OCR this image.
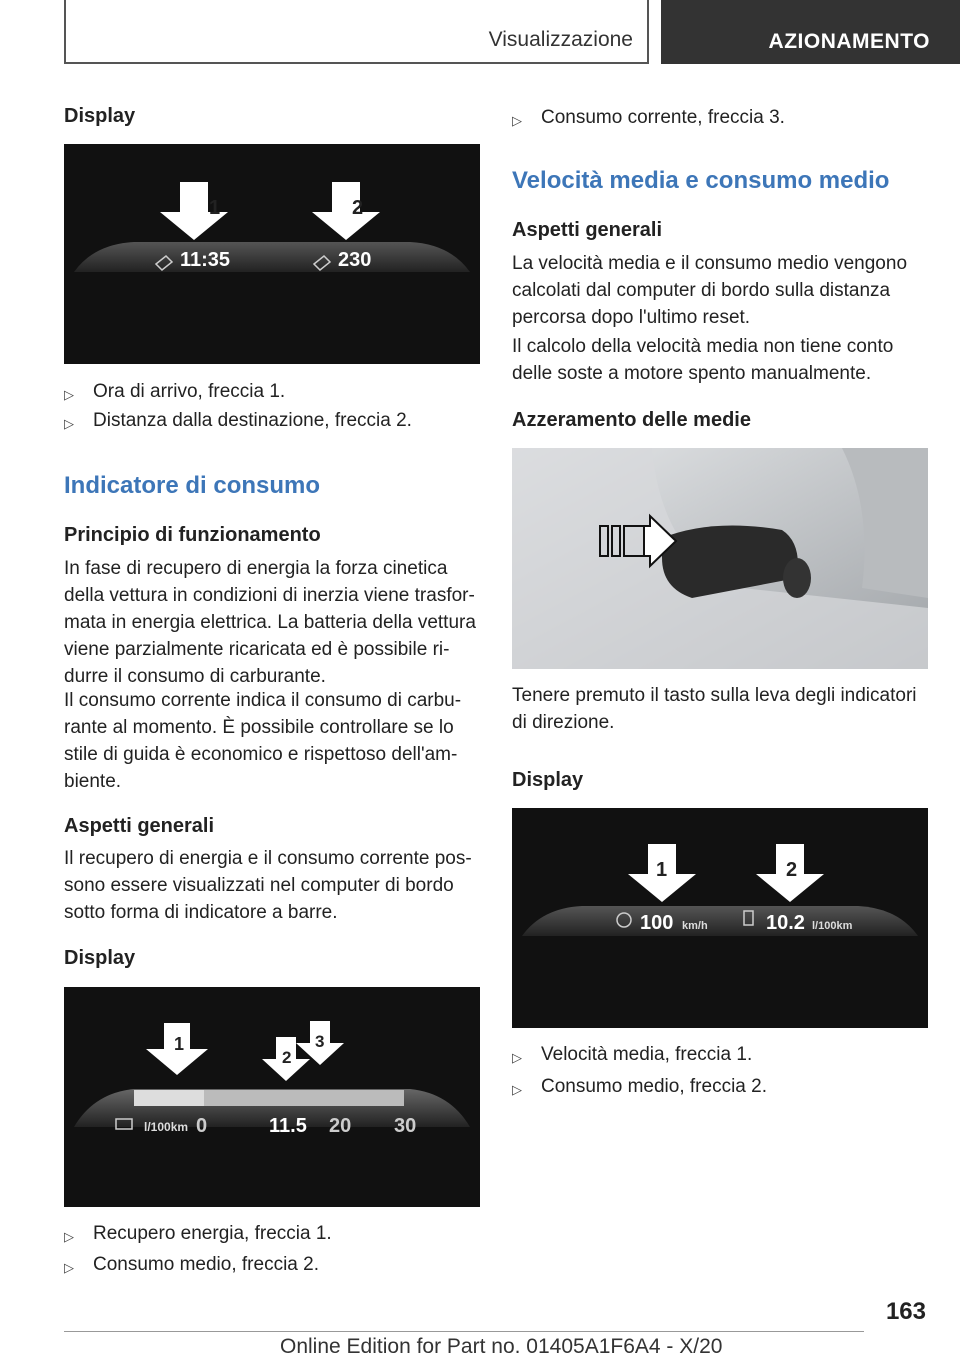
Visualizzazione	AZIONAMENTO
Display
1	2
11:35	230
▷ Ora di arrivo, freccia 1.
▷ Distanza dalla destinazione, freccia 2.
Indicatore di consumo
Principio di funzionamento
In fase di recupero di energia la forza cinetica
della vettura in condizioni di inerzia viene trasfor‐
mata in energia elettrica. La batteria della vettura
viene parzialmente ricaricata ed è possibile ri‐
durre il consumo di carburante.
Il consumo corrente indica il consumo di carbu‐
rante al momento. È possibile controllare se lo
stile di guida è economico e rispettoso dell'am‐
biente.
Aspetti generali
Il recupero di energia e il consumo corrente pos‐
sono essere visualizzati nel computer di bordo
sotto forma di indicatore a barre.
Display
1
2
3
l/100km 0	11.5 20 30
▷ Recupero energia, freccia 1.
▷ Consumo medio, freccia 2.
▷ Consumo corrente, freccia 3.
Velocità media e consumo medio
Aspetti generali
La velocità media e il consumo medio vengono
calcolati dal computer di bordo sulla distanza
percorsa dopo l'ultimo reset.
Il calcolo della velocità media non tiene conto
delle soste a motore spento manualmente.
Azzeramento delle medie
Tenere premuto il tasto sulla leva degli indicatori
di direzione.
Display
1	2
100 km/h	10.2 l/100km
▷ Velocità media, freccia 1.
▷ Consumo medio, freccia 2.
163
Online Edition for Part no. 01405A1F6A4 - X/20
